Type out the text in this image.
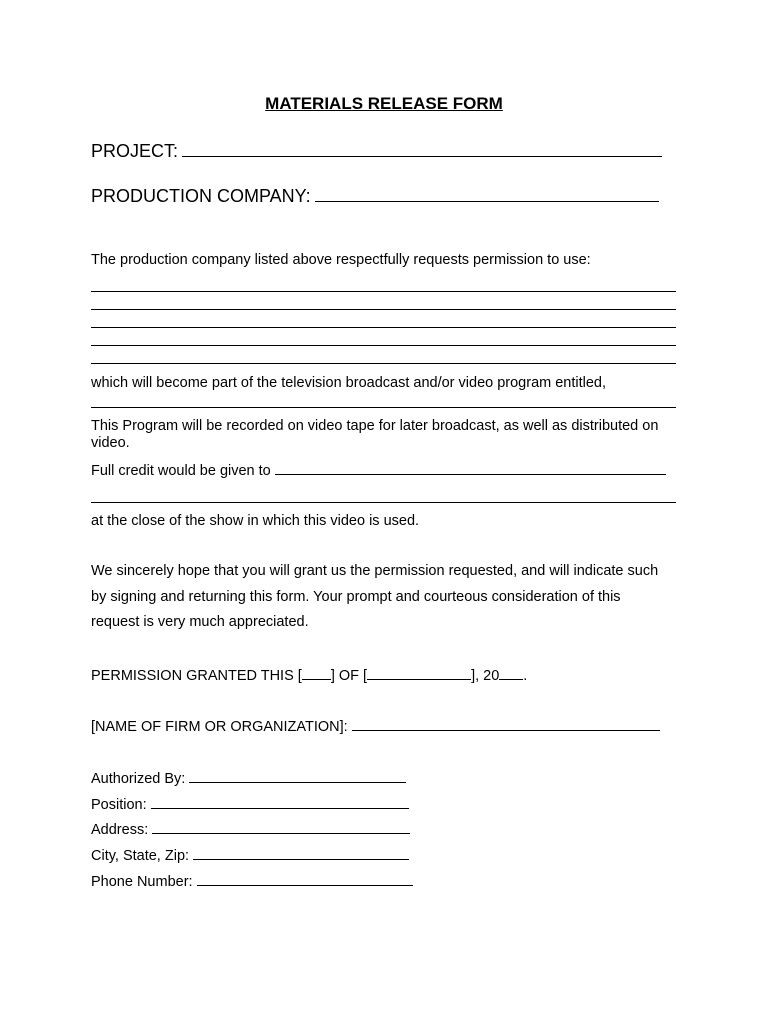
MATERIALS RELEASE FORM
PROJECT:
PRODUCTION COMPANY:
The production company listed above respectfully requests permission to use:
which will become part of the television broadcast and/or video program entitled,
This Program will be recorded on video tape for later broadcast, as well as distributed on video.
Full credit would be given to
at the close of the show in which this video is used.
We sincerely hope that you will grant us the permission requested, and will indicate such by signing and returning this form. Your prompt and courteous consideration of this request is very much appreciated.
PERMISSION GRANTED THIS [ ] OF [	], 20 .
[NAME OF FIRM OR ORGANIZATION]:
Authorized By:
Position:
Address:
City, State, Zip:
Phone Number:
